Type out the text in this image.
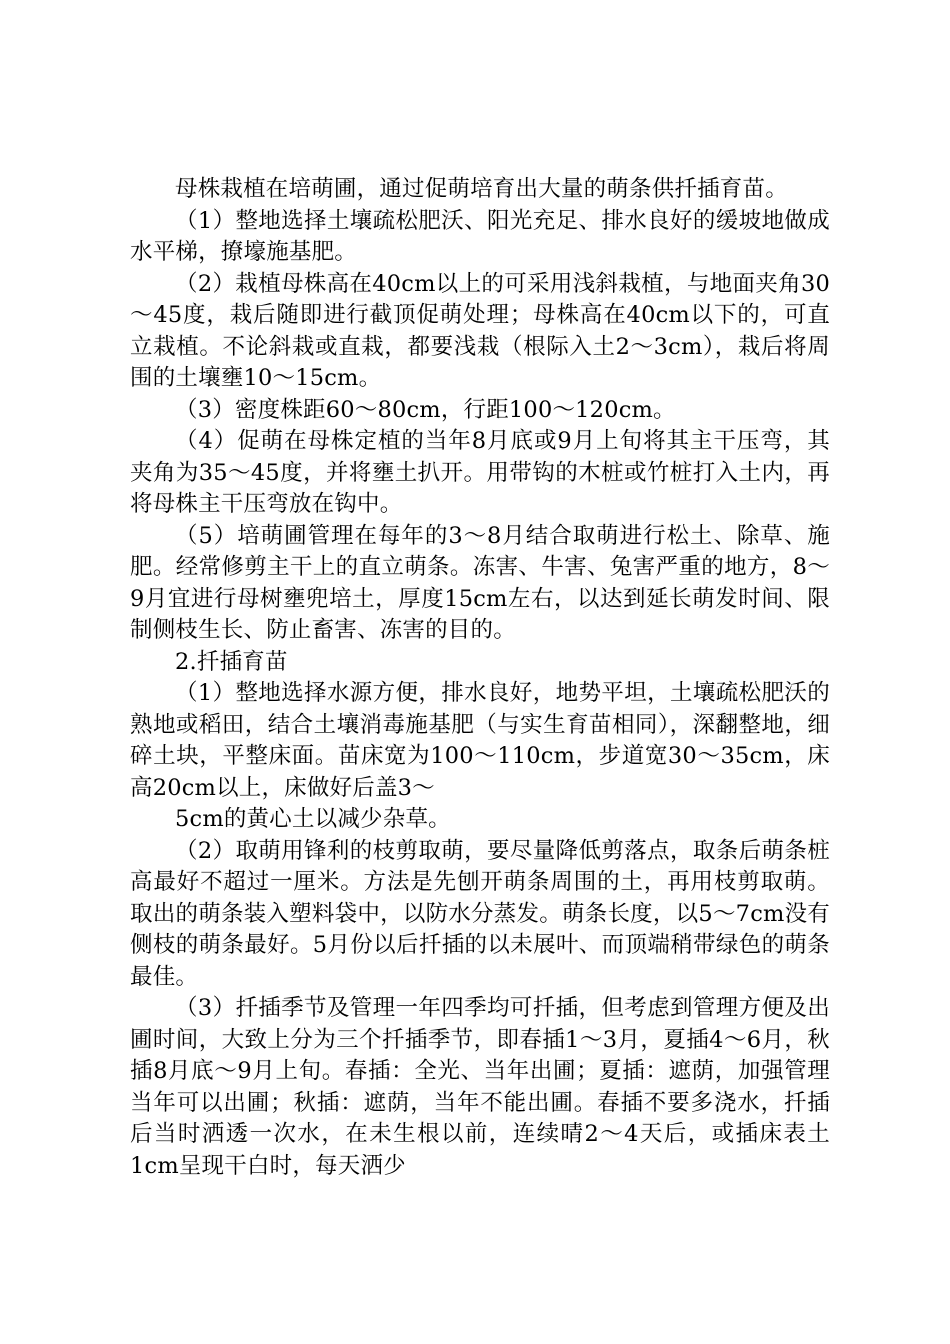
母株栽植在培萌圃，通过促萌培育出大量的萌条供扦插育苗。

（1）整地选择土壤疏松肥沃、阳光充足、排水良好的缓坡地做成水平梯，撩壕施基肥。

（2）栽植母株高在40cm以上的可采用浅斜栽植，与地面夹角30～45度，栽后随即进行截顶促萌处理；母株高在40cm以下的，可直立栽植。不论斜栽或直栽，都要浅栽（根际入土2～3cm），栽后将周围的土壤壅10～15cm。

（3）密度株距60～80cm，行距100～120cm。

（4）促萌在母株定植的当年8月底或9月上旬将其主干压弯，其夹角为35～45度，并将壅土扒开。用带钩的木桩或竹桩打入土内，再将母株主干压弯放在钩中。

（5）培萌圃管理在每年的3～8月结合取萌进行松土、除草、施肥。经常修剪主干上的直立萌条。冻害、牛害、兔害严重的地方，8～9月宜进行母树壅兜培土，厚度15cm左右，以达到延长萌发时间、限制侧枝生长、防止畜害、冻害的目的。

2.扦插育苗

（1）整地选择水源方便，排水良好，地势平坦，土壤疏松肥沃的熟地或稻田，结合土壤消毒施基肥（与实生育苗相同），深翻整地，细碎土块，平整床面。苗床宽为100～110cm，步道宽30～35cm，床高20cm以上，床做好后盖3～

5cm的黄心土以减少杂草。

（2）取萌用锋利的枝剪取萌，要尽量降低剪落点，取条后萌条桩高最好不超过一厘米。方法是先刨开萌条周围的土，再用枝剪取萌。取出的萌条装入塑料袋中，以防水分蒸发。萌条长度，以5～7cm没有侧枝的萌条最好。5月份以后扦插的以未展叶、而顶端稍带绿色的萌条最佳。

（3）扦插季节及管理一年四季均可扦插，但考虑到管理方便及出圃时间，大致上分为三个扦插季节，即春插1～3月，夏插4～6月，秋插8月底～9月上旬。春插：全光、当年出圃；夏插：遮荫，加强管理当年可以出圃；秋插：遮荫，当年不能出圃。春插不要多浇水，扦插后当时洒透一次水，在未生根以前，连续晴2～4天后，或插床表土1cm呈现干白时，每天洒少
